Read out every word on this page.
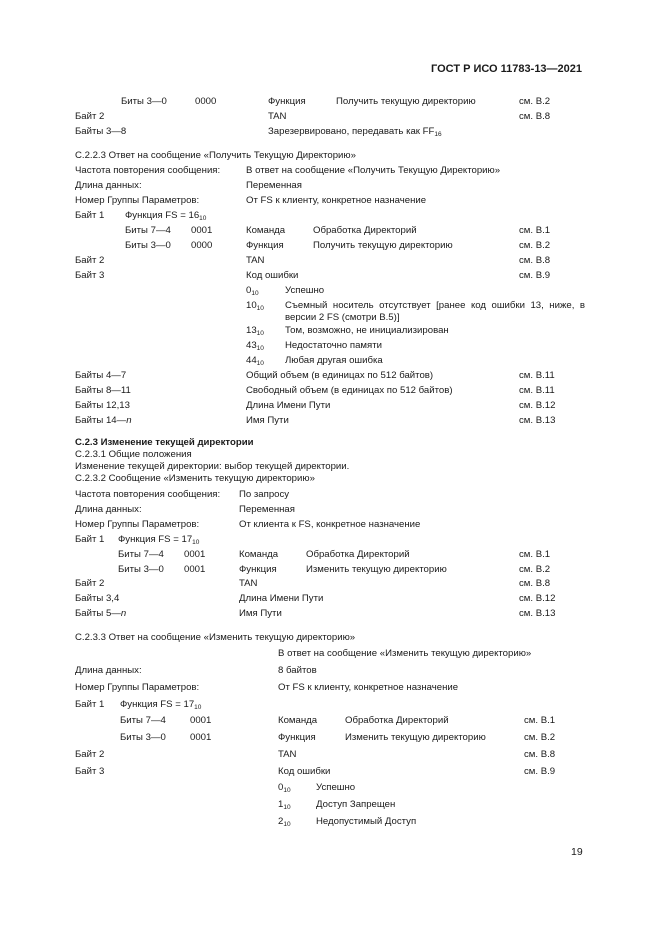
ГОСТ Р ИСО 11783-13—2021
Биты 3—0	0000	Функция	Получить текущую директорию	см. В.2
Байт 2	TAN	см. В.8
Байты 3—8	Зарезервировано, передавать как $FF_{16}$
С.2.2.3 Ответ на сообщение «Получить Текущую Директорию»
Частота повторения сообщения:	В ответ на сообщение «Получить Текущую Директорию»
Длина данных:	Переменная
Номер Группы Параметров:	От FS к клиенту, конкретное назначение
Байт 1 Функция FS = $16_{10}$
Биты 7—4 0001	Команда	Обработка Директорий	см. В.1
Биты 3—0 0000	Функция	Получить текущую директорию	см. В.2
Байт 2	TAN	см. В.8
Байт 3	Код ошибки	см. В.9
$0_{10}$	Успешно
$10_{10}$ Съемный носитель отсутствует [ранее код ошибки 13, ниже, в версии 2 FS (смотри В.5)]
$13_{10}$ Том, возможно, не инициализирован
$43_{10}$ Недостаточно памяти
$44_{10}$ Любая другая ошибка
Байты 4—7	Общий объем (в единицах по 512 байтов)	см. В.11
Байты 8—11	Свободный объем (в единицах по 512 байтов)	см. В.11
Байты 12,13	Длина Имени Пути	см. В.12
Байты 14—n	Имя Пути	см. В.13
С.2.3 Изменение текущей директории
С.2.3.1 Общие положения
Изменение текущей директории: выбор текущей директории.
С.2.3.2 Сообщение «Изменить текущую директорию»
Частота повторения сообщения: По запросу
Длина данных:	Переменная
Номер Группы Параметров:	От клиента к FS, конкретное назначение
Байт 1 Функция FS = $17_{10}$
Биты 7—4 0001	Команда	Обработка Директорий	см. В.1
Биты 3—0 0001	Функция	Изменить текущую директорию	см. В.2
Байт 2	TAN	см. В.8
Байты 3,4	Длина Имени Пути	см. В.12
Байты 5—n	Имя Пути	см. В.13
С.2.3.3 Ответ на сообщение «Изменить текущую директорию»
В ответ на сообщение «Изменить текущую директорию»
Длина данных:	8 байтов
Номер Группы Параметров:	От FS к клиенту, конкретное назначение
Байт 1 Функция FS = $17_{10}$
Биты 7—4	0001	Команда	Обработка Директорий	см. В.1
Биты 3—0	0001	Функция	Изменить текущую директорию	см. В.2
Байт 2	TAN	см. В.8
Байт 3	Код ошибки	см. В.9
$0_{10}$	Успешно
$1_{10}$	Доступ Запрещен
$2_{10}$	Недопустимый Доступ
19
